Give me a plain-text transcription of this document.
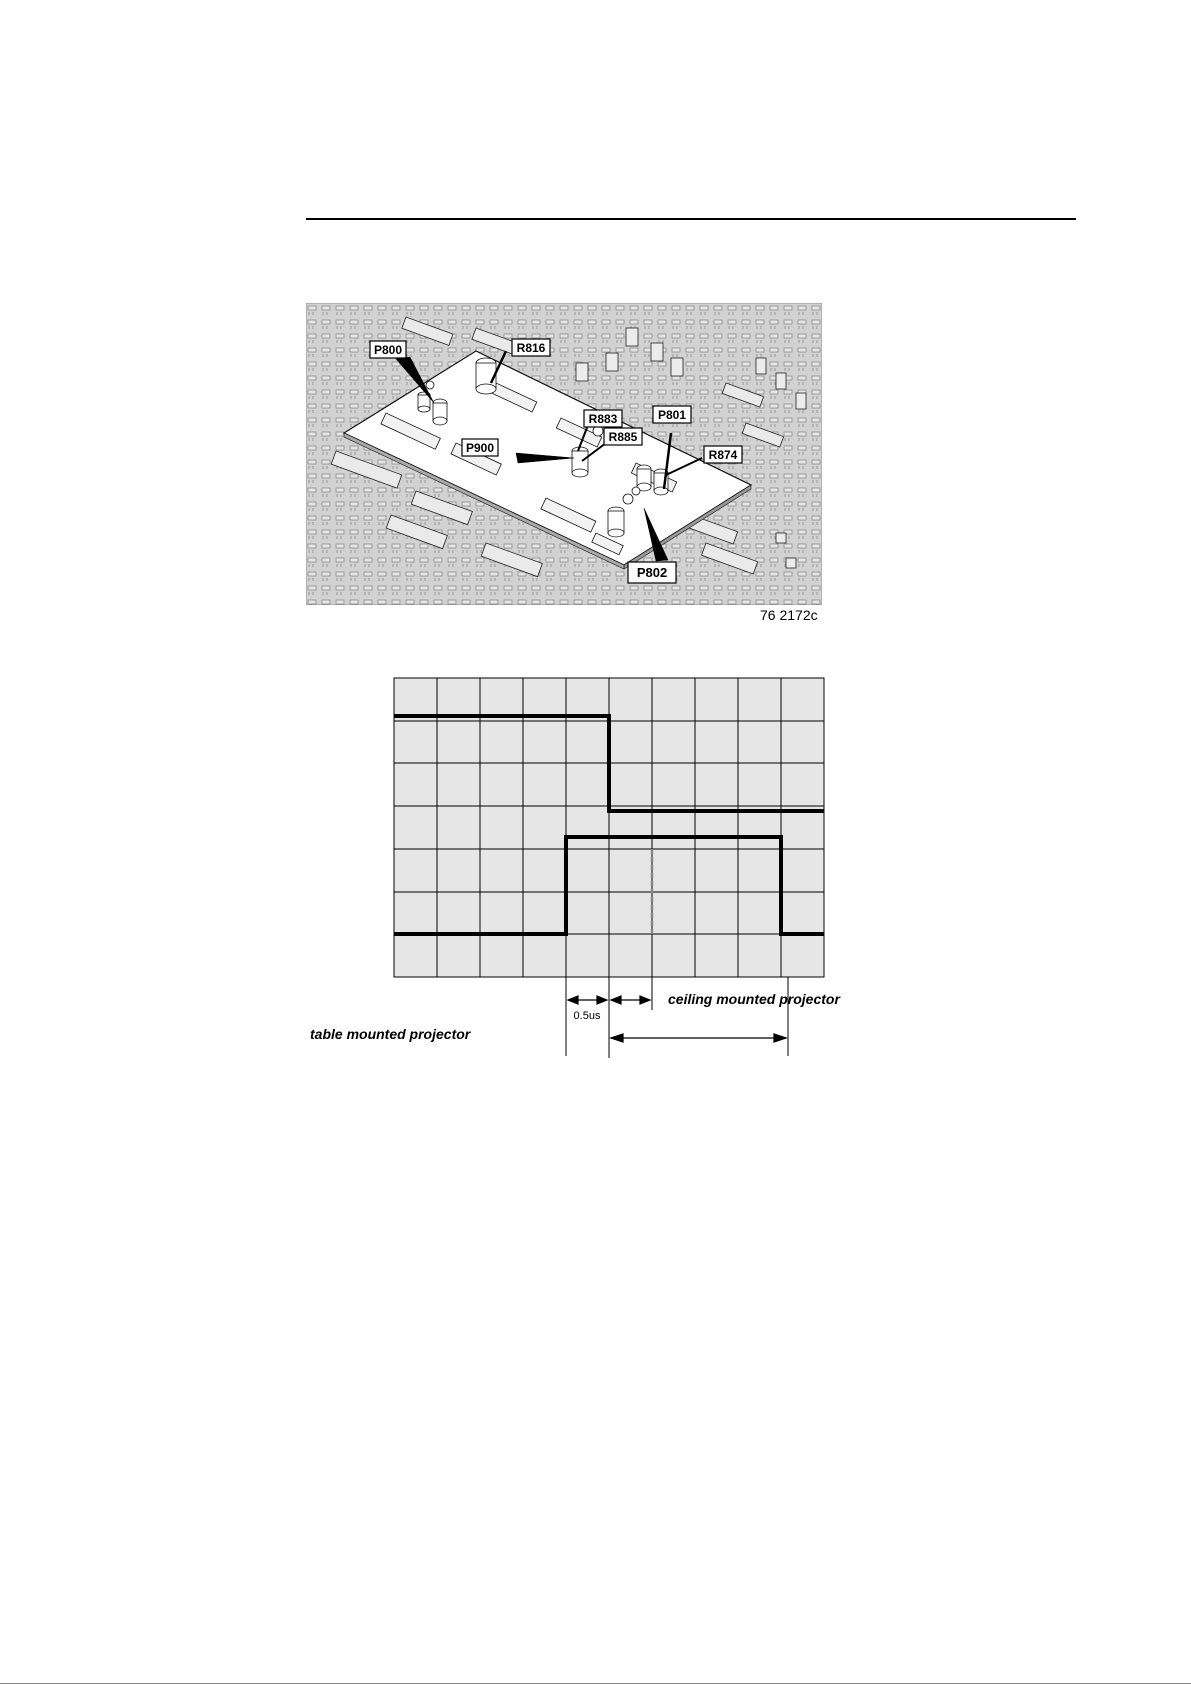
P800	R816
P900
R883
R885
P801
R874
P802
76 2172c
0.5us
ceiling mounted projector
table mounted projector
